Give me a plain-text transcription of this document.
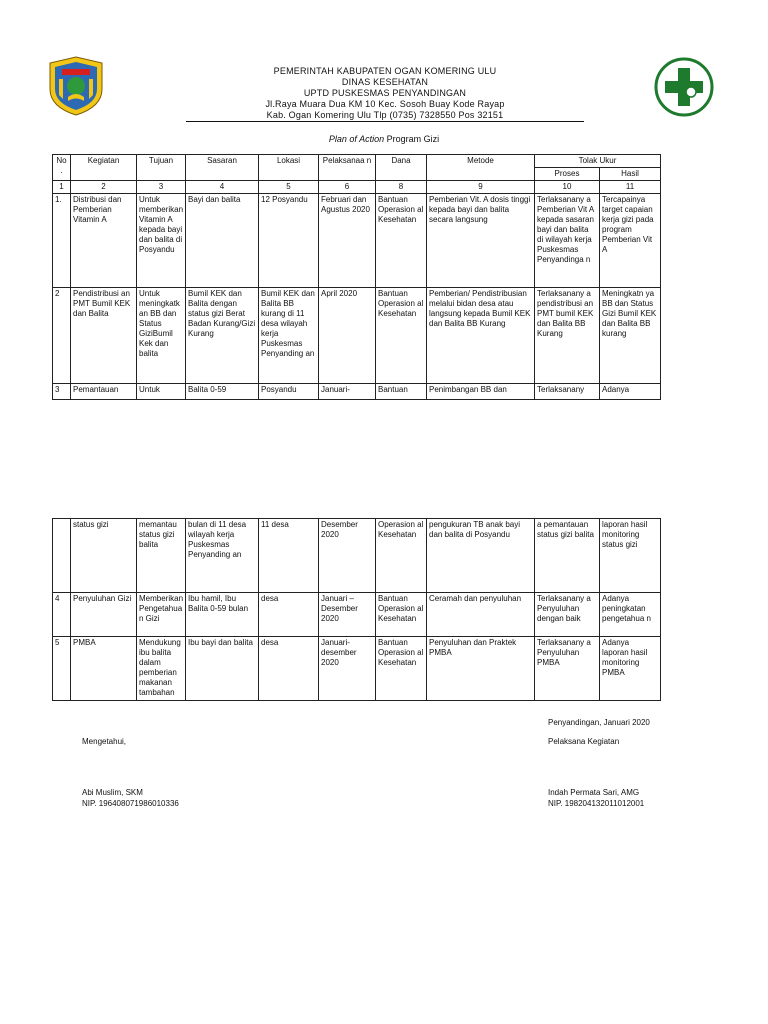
PEMERINTAH KABUPATEN OGAN KOMERING ULU
DINAS KESEHATAN
UPTD PUSKESMAS PENYANDINGAN
Jl.Raya Muara Dua KM 10 Kec. Sosoh Buay Kode Rayap
Kab. Ogan Komering Ulu Tlp (0735) 7328550 Pos 32151
Plan of Action Program Gizi
No .	Kegiatan	Tujuan	Sasaran	Lokasi	Pelaksanaa n	Dana	Metode	Tolak Ukur	
								Proses	Hasil
1	2	3	4	5	6	8	9	10	11
1.	Distribusi dan Pemberian Vitamin A	Untuk memberikan Vitamin A kepada bayi dan balita di Posyandu	Bayi dan balita	12 Posyandu	Februari dan Agustus 2020	Bantuan Operasion al Kesehatan	Pemberian Vit. A dosis tinggi kepada bayi dan balita secara langsung	Terlaksanany a Pemberian Vit A kepada sasaran bayi dan balita di wilayah kerja Puskesmas Penyandinga n	Tercapainya target capaian kerja gizi pada program Pemberian Vit A
2	Pendistribusi an PMT Bumil KEK dan Balita	Untuk meningkatk an BB dan Status GiziBumil Kek dan balita	Bumil KEK dan Balita dengan status gizi Berat Badan Kurang/Gizi Kurang	Bumil KEK dan Balita BB kurang di 11 desa wilayah kerja Puskesmas Penyanding an	April 2020	Bantuan Operasion al Kesehatan	Pemberian/ Pendistribusian melalui bidan desa atau langsung kepada Bumil KEK dan Balita BB Kurang	Terlaksanany a pendistribusi an PMT bumil KEK dan Balita BB Kurang	Meningkatn ya BB dan Status Gizi Bumil KEK dan Balita BB kurang
3	Pemantauan	Untuk	Balita 0-59	Posyandu	Januari-	Bantuan	Penimbangan BB dan	Terlaksanany	Adanya
	status gizi	memantau status gizi balita	bulan di 11 desa wilayah kerja Puskesmas Penyanding an	11 desa	Desember 2020	Operasion al Kesehatan	pengukuran TB anak bayi dan balita di Posyandu	a pemantauan status gizi balita	laporan hasil monitoring status gizi
4	Penyuluhan Gizi	Memberikan Pengetahua n Gizi	Ibu hamil, Ibu Balita 0-59 bulan	desa	Januari – Desember 2020	Bantuan Operasion al Kesehatan	Ceramah dan penyuluhan	Terlaksanany a Penyuluhan dengan baik	Adanya peningkatan pengetahua n
5	PMBA	Mendukung ibu balita dalam pemberian makanan tambahan	Ibu bayi dan balita	desa	Januari-desember 2020	Bantuan Operasion al Kesehatan	Penyuluhan dan Praktek PMBA	Terlaksanany a Penyuluhan PMBA	Adanya laporan hasil monitoring PMBA
Penyandingan, Januari 2020
Mengetahui,	Pelaksana Kegiatan
Abi Muslim, SKM
NIP. 196408071986010336
Indah Permata Sari, AMG
NIP. 198204132011012001
